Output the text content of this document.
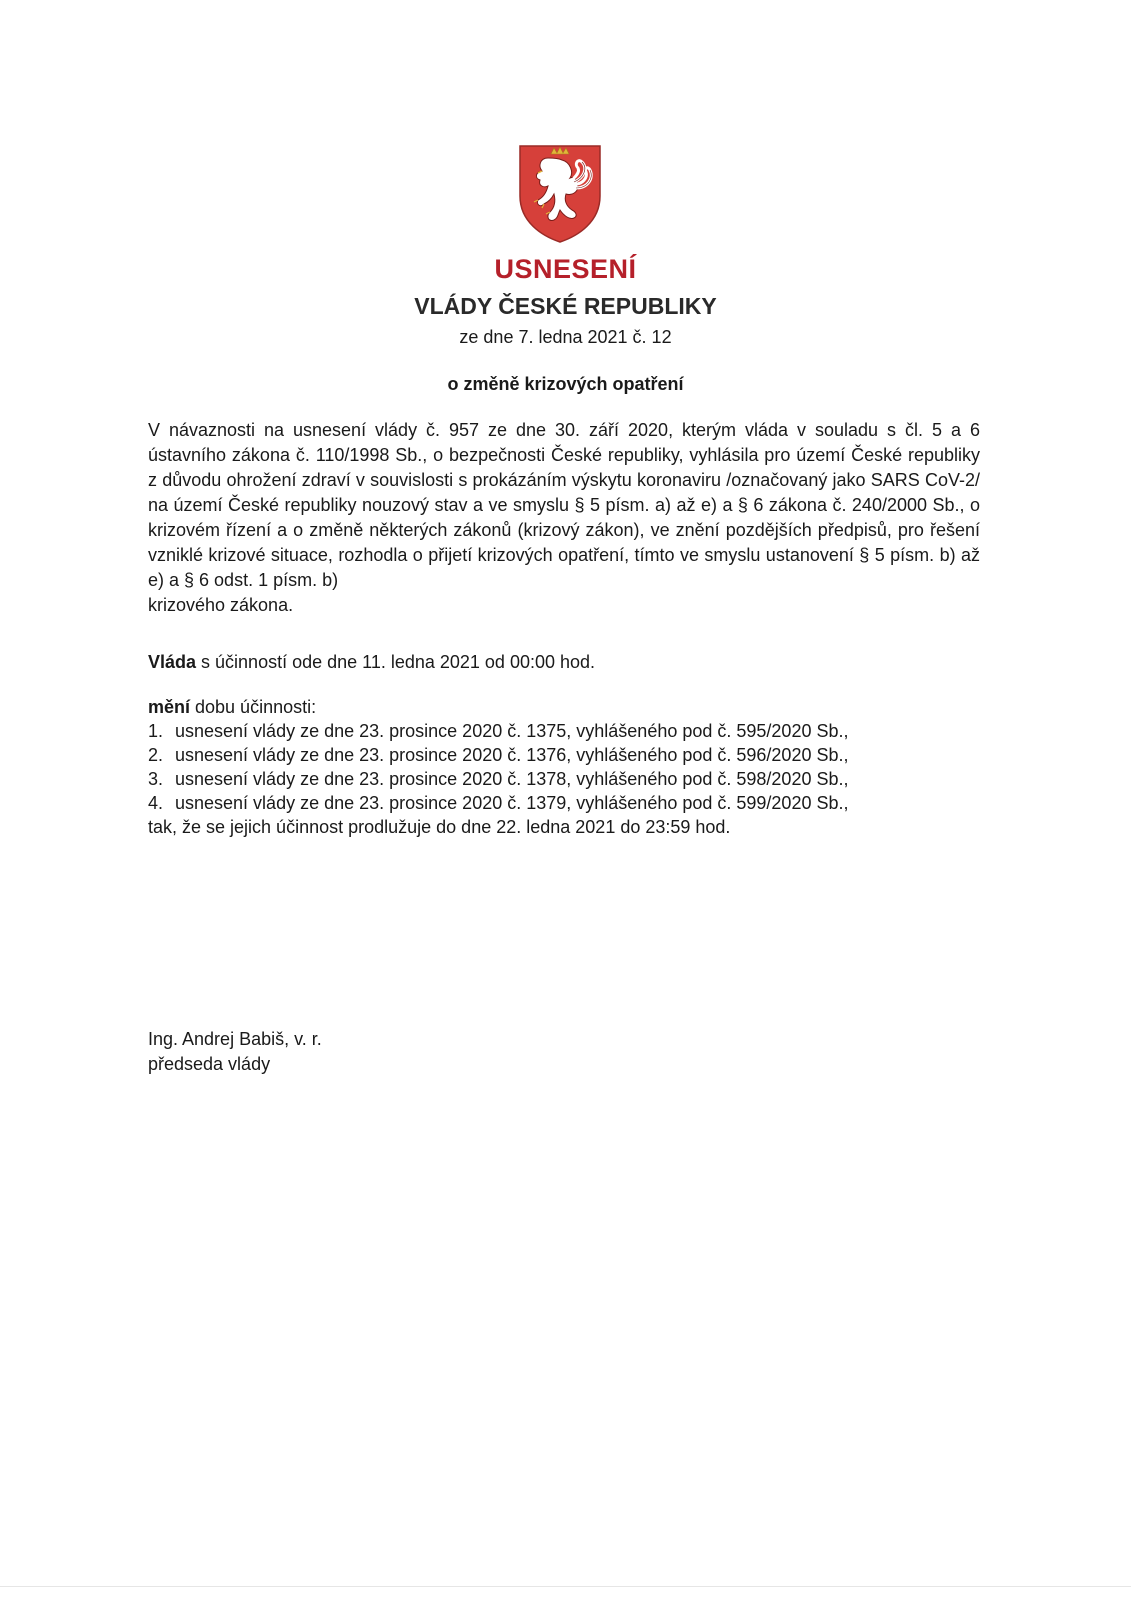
USNESENÍ
VLÁDY ČESKÉ REPUBLIKY
ze dne 7. ledna 2021 č. 12
o změně krizových opatření
V návaznosti na usnesení vlády č. 957 ze dne 30. září 2020, kterým vláda v souladu s čl. 5 a 6 ústavního zákona č. 110/1998 Sb., o bezpečnosti České republiky, vyhlásila pro území České republiky z důvodu ohrožení zdraví v souvislosti s prokázáním výskytu koronaviru /označovaný jako SARS CoV-2/ na území České republiky nouzový stav a ve smyslu § 5 písm. a) až e) a § 6 zákona č. 240/2000 Sb., o krizovém řízení a o změně některých zákonů (krizový zákon), ve znění pozdějších předpisů, pro řešení vzniklé krizové situace, rozhodla o přijetí krizových opatření, tímto ve smyslu ustanovení § 5 písm. b) až e) a § 6 odst. 1 písm. b)
krizového zákona.
Vláda s účinností ode dne 11. ledna 2021 od 00:00 hod.
mění dobu účinnosti:
1. usnesení vlády ze dne 23. prosince 2020 č. 1375, vyhlášeného pod č. 595/2020 Sb.,
2. usnesení vlády ze dne 23. prosince 2020 č. 1376, vyhlášeného pod č. 596/2020 Sb.,
3. usnesení vlády ze dne 23. prosince 2020 č. 1378, vyhlášeného pod č. 598/2020 Sb.,
4. usnesení vlády ze dne 23. prosince 2020 č. 1379, vyhlášeného pod č. 599/2020 Sb.,
tak, že se jejich účinnost prodlužuje do dne 22. ledna 2021 do 23:59 hod.
Ing. Andrej Babiš, v. r.
předseda vlády
